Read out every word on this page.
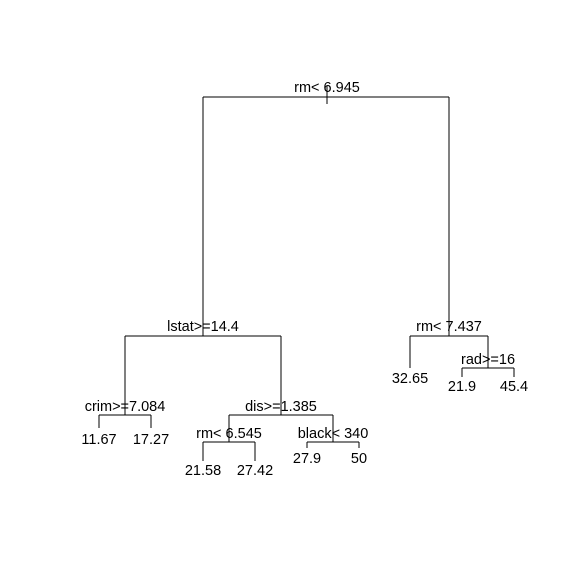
rm< 6.945
lstat>=14.4	rm< 7.437
32.65
rad>=16
21.9 45.4
crim>=7.084
11.67 17.27
dis>=1.385
rm< 6.545
21.58 27.42
black< 340
27.9 50
